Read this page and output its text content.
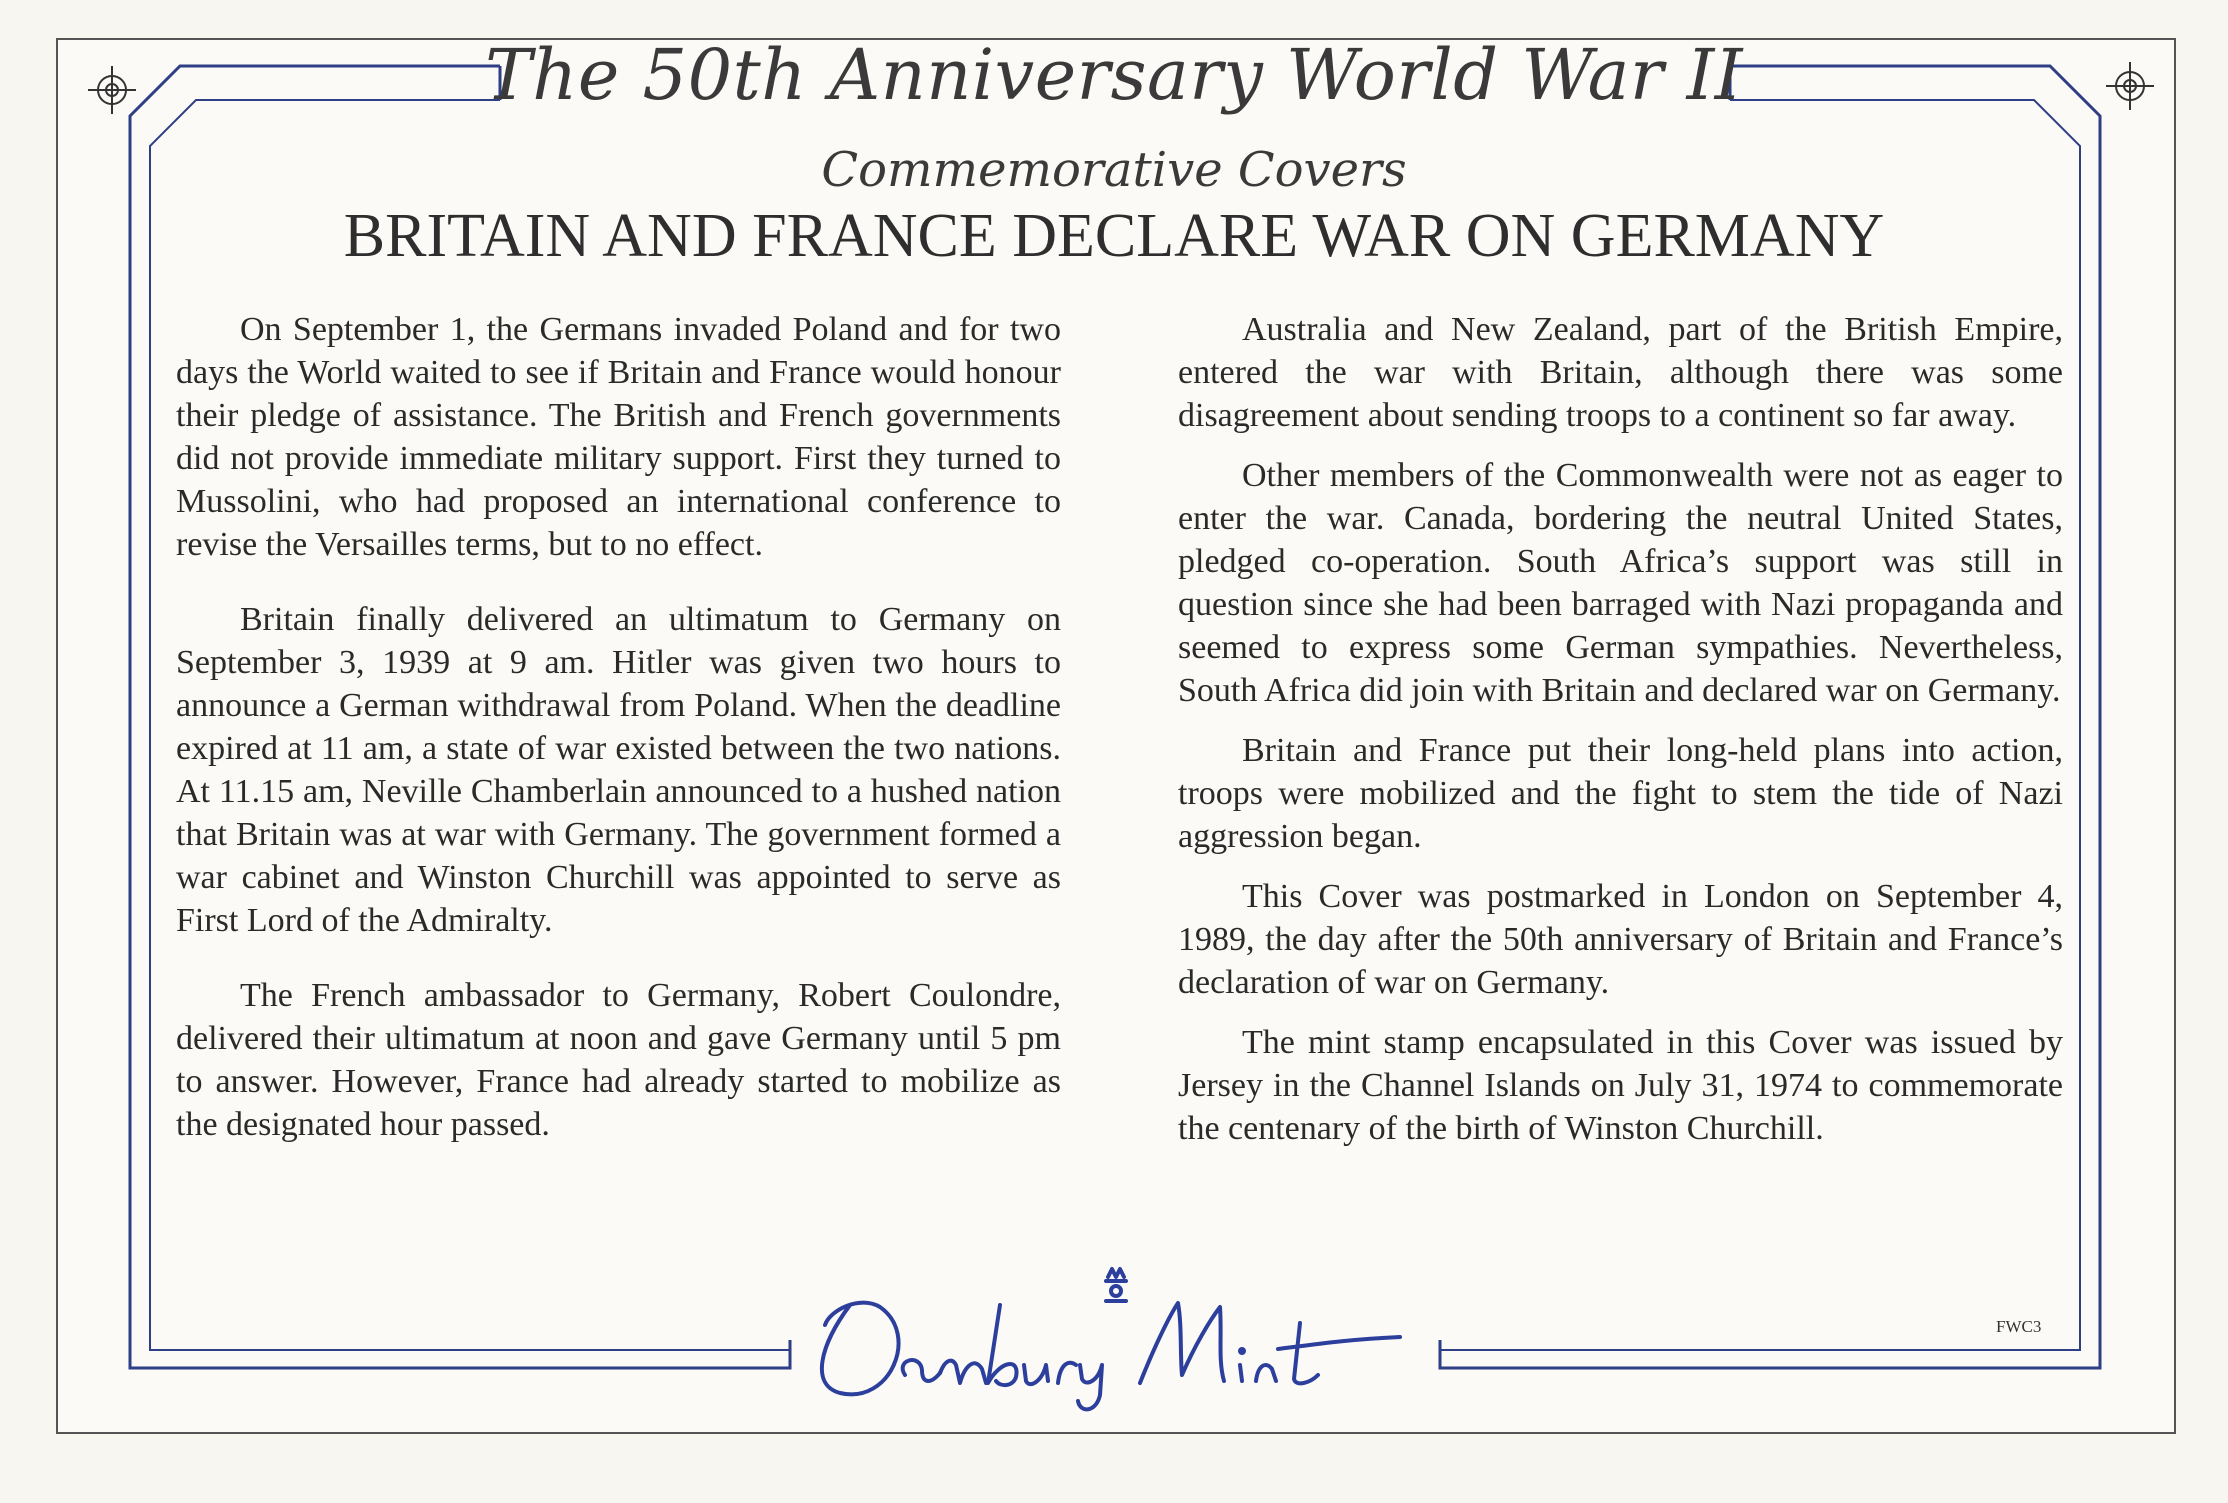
The 50th Anniversary World War II
Commemorative Covers
BRITAIN AND FRANCE DECLARE WAR ON GERMANY

On September 1, the Germans invaded Poland and for two days the World waited to see if Britain and France would honour their pledge of assistance. The British and French governments did not provide immediate military support. First they turned to Mussolini, who had proposed an international conference to revise the Versailles terms, but to no effect.

Britain finally delivered an ultimatum to Germany on September 3, 1939 at 9 am. Hitler was given two hours to announce a German withdrawal from Poland. When the deadline expired at 11 am, a state of war existed between the two nations. At 11.15 am, Neville Chamberlain announced to a hushed nation that Britain was at war with Germany. The government formed a war cabinet and Winston Churchill was appointed to serve as First Lord of the Admiralty.

The French ambassador to Germany, Robert Coulondre, delivered their ultimatum at noon and gave Germany until 5 pm to answer. However, France had already started to mobilize as the designated hour passed.

Australia and New Zealand, part of the British Empire, entered the war with Britain, although there was some disagreement about sending troops to a continent so far away.

Other members of the Commonwealth were not as eager to enter the war. Canada, bordering the neutral United States, pledged co-operation. South Africa’s support was still in question since she had been barraged with Nazi propaganda and seemed to express some German sympathies. Nevertheless, South Africa did join with Britain and declared war on Germany.

Britain and France put their long-held plans into action, troops were mobilized and the fight to stem the tide of Nazi aggression began.

This Cover was postmarked in London on September 4, 1989, the day after the 50th anniversary of Britain and France’s declaration of war on Germany.

The mint stamp encapsulated in this Cover was issued by Jersey in the Channel Islands on July 31, 1974 to commemorate the centenary of the birth of Winston Churchill.

FWC3
